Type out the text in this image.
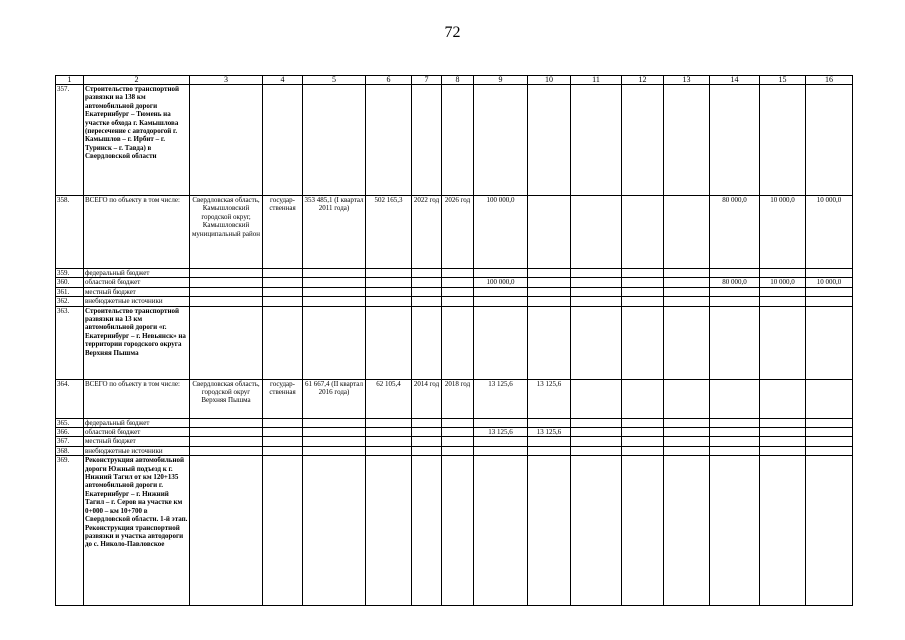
72
1	2	3	4	5	6	7	8	9	10	11	12	13	14	15	16
357.	Строительство транспортной развязки на 138 км автомобильной дороги Екатеринбург – Тюмень на участке обхода г. Камышлова (пересечение с автодорогой г. Камышлов – г. Ирбит – г. Туринск – г. Тавда) в Свердловской области														
358.	ВСЕГО по объекту в том числе:	Свердловская область, Камышловский городской округ, Камышловский муниципальный район	государ-ственная	353 485,1 (I квартал 2011 года)	502 165,3	2022 год	2026 год	100 000,0					80 000,0	10 000,0	10 000,0
359.	федеральный бюджет														
360.	областной бюджет							100 000,0					80 000,0	10 000,0	10 000,0
361.	местный бюджет														
362.	внебюджетные источники														
363.	Строительство транспортной развязки на 13 км автомобильной дороги «г. Екатеринбург – г. Невьянск» на территории городского округа Верхняя Пышма														
364.	ВСЕГО по объекту в том числе:	Свердловская область, городской округ Верхняя Пышма	государ-ственная	61 667,4 (II квартал 2016 года)	62 105,4	2014 год	2018 год	13 125,6	13 125,6						
365.	федеральный бюджет														
366.	областной бюджет							13 125,6	13 125,6						
367.	местный бюджет														
368.	внебюджетные источники														
369.	Реконструкция автомобильной дороги Южный подъезд к г. Нижний Тагил от км 120+135 автомобильной дороги г. Екатеринбург – г. Нижний Тагил – г. Серов на участке км 0+000 – км 10+700 в Свердловской области. 1-й этап. Реконструкция транспортной развязки и участка автодороги до с. Николо-Павловское														
